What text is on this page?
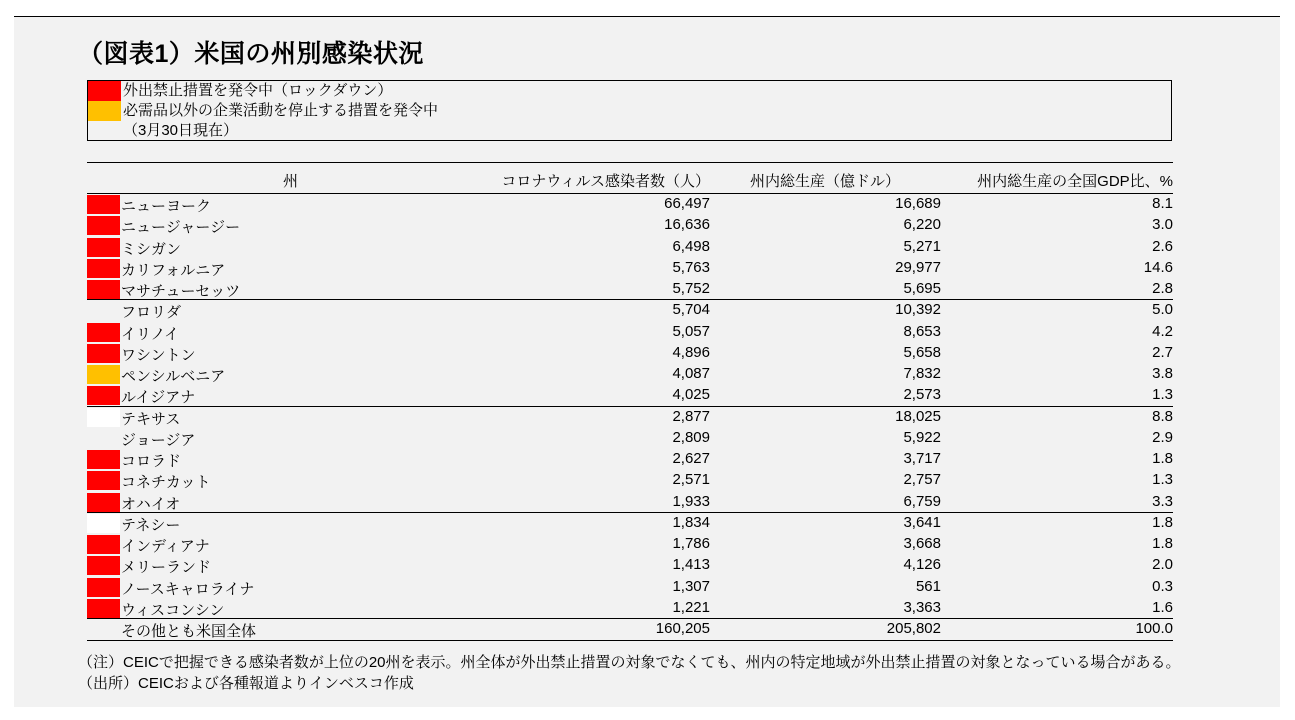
（図表1）米国の州別感染状況
外出禁止措置を発令中（ロックダウン）
必需品以外の企業活動を停止する措置を発令中
（3月30日現在）
州	コロナウィルス感染者数（人）	州内総生産（億ドル）	州内総生産の全国GDP比、%
ニューヨーク	66,497	16,689	8.1
ニュージャージー	16,636	6,220	3.0
ミシガン	6,498	5,271	2.6
カリフォルニア	5,763	29,977	14.6
マサチューセッツ	5,752	5,695	2.8
フロリダ	5,704	10,392	5.0
イリノイ	5,057	8,653	4.2
ワシントン	4,896	5,658	2.7
ペンシルベニア	4,087	7,832	3.8
ルイジアナ	4,025	2,573	1.3
テキサス	2,877	18,025	8.8
ジョージア	2,809	5,922	2.9
コロラド	2,627	3,717	1.8
コネチカット	2,571	2,757	1.3
オハイオ	1,933	6,759	3.3
テネシー	1,834	3,641	1.8
インディアナ	1,786	3,668	1.8
メリーランド	1,413	4,126	2.0
ノースキャロライナ	1,307	561	0.3
ウィスコンシン	1,221	3,363	1.6
その他とも米国全体	160,205	205,802	100.0
（注）CEICで把握できる感染者数が上位の20州を表示。州全体が外出禁止措置の対象でなくても、州内の特定地域が外出禁止措置の対象となっている場合がある。（出所）CEICおよび各種報道よりインベスコ作成
